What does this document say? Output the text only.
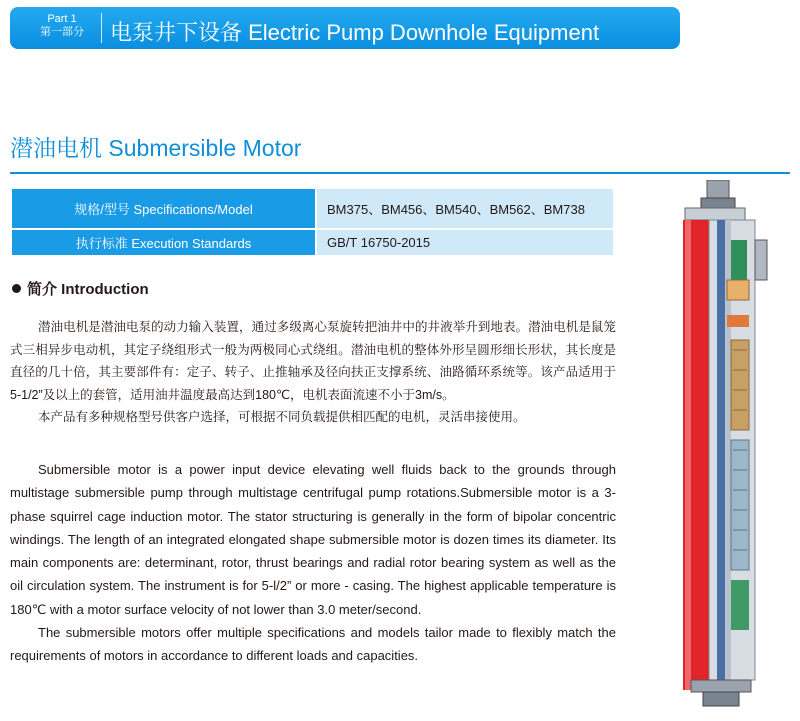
Part 1
第一部分	电泵井下设备 Electric Pump Downhole Equipment
潜油电机 Submersible Motor
规格/型号 Specifications/Model	BM375、BM456、BM540、BM562、BM738
执行标准 Execution Standards	GB/T 16750-2015
简介 Introduction

潜油电机是潜油电泵的动力输入装置，通过多级离心泵旋转把油井中的井液举升到地表。潜油电机是鼠笼式三相异步电动机，其定子绕组形式一般为两极同心式绕组。潜油电机的整体外形呈圆形细长形状，其长度是直径的几十倍，其主要部件有：定子、转子、止推轴承及径向扶正支撑系统、油路循环系统等。该产品适用于5-1/2”及以上的套管，适用油井温度最高达到180℃，电机表面流速不小于3m/s。

本产品有多种规格型号供客户选择，可根据不同负载提供相匹配的电机，灵活串接使用。

Submersible motor is a power input device elevating well fluids back to the grounds through multistage submersible pump through multistage centrifugal pump rotations.Submersible motor is a 3-phase squirrel cage induction motor. The stator structuring is generally in the form of bipolar concentric windings. The length of an integrated elongated shape submersible motor is dozen times its diameter. Its main components are: determinant, rotor, thrust bearings and radial rotor bearing system as well as the oil circulation system. The instrument is for 5-l/2” or more - casing. The highest applicable temperature is 180℃ with a motor surface velocity of not lower than 3.0 meter/second.

The submersible motors offer multiple specifications and models tailor made to flexibly match the requirements of motors in accordance to different loads and capacities.
